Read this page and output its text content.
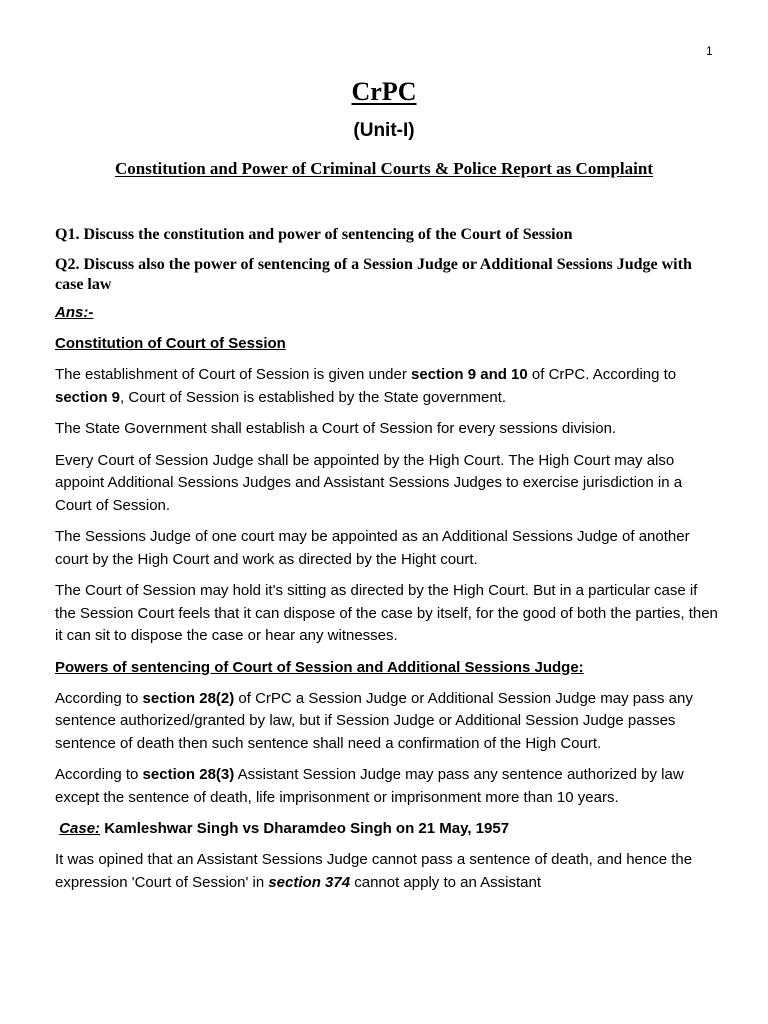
1
CrPC
(Unit-I)
Constitution and Power of Criminal Courts & Police Report as Complaint

Q1. Discuss the constitution and power of sentencing of the Court of Session

Q2. Discuss also the power of sentencing of a Session Judge or Additional Sessions Judge with case law

Ans:-

Constitution of Court of Session

The establishment of Court of Session is given under section 9 and 10 of CrPC. According to section 9, Court of Session is established by the State government.

The State Government shall establish a Court of Session for every sessions division.

Every Court of Session Judge shall be appointed by the High Court. The High Court may also appoint Additional Sessions Judges and Assistant Sessions Judges to exercise jurisdiction in a Court of Session.

The Sessions Judge of one court may be appointed as an Additional Sessions Judge of another court by the High Court and work as directed by the Hight court.

The Court of Session may hold it's sitting as directed by the High Court. But in a particular case if the Session Court feels that it can dispose of the case by itself, for the good of both the parties, then it can sit to dispose the case or hear any witnesses.

Powers of sentencing of Court of Session and Additional Sessions Judge:

According to section 28(2) of CrPC a Session Judge or Additional Session Judge may pass any sentence authorized/granted by law, but if Session Judge or Additional Session Judge passes sentence of death then such sentence shall need a confirmation of the High Court.

According to section 28(3) Assistant Session Judge may pass any sentence authorized by law except the sentence of death, life imprisonment or imprisonment more than 10 years.

Case: Kamleshwar Singh vs Dharamdeo Singh on 21 May, 1957

It was opined that an Assistant Sessions Judge cannot pass a sentence of death, and hence the expression 'Court of Session' in section 374 cannot apply to an Assistant
